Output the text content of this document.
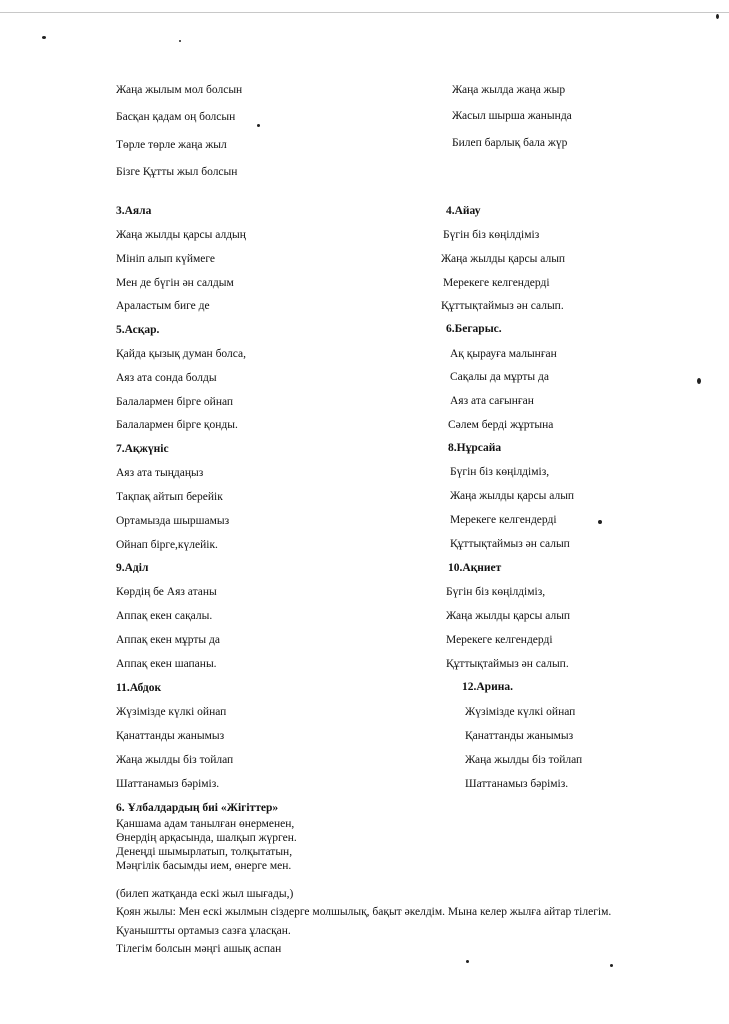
Жаңа жылым мол болсын
Басқан қадам оң болсын
Төрле төрле жаңа жыл
Бізге Құтты жыл болсын
Жаңа жылда жаңа жыр
Жасыл шырша жанында
Билеп барлық бала жүр
3.Аяла
Жаңа жылды қарсы алдың
Мініп алып күймеге
Мен де бүгін ән салдым
Араластым биге де
4.Айау
Бүгін біз көңілдіміз
Жаңа жылды қарсы алып
Мерекеге келгендерді
Құттықтаймыз ән салып.
5.Асқар.
Қайда қызық думан болса,
Аяз ата сонда болды
Балалармен бірге ойнап
Балалармен бірге қонды.
6.Бегарыс.
Ақ қырауға малынған
Сақалы да мұрты да
Аяз ата сағынған
Сәлем берді жұртына
7.Ақжүніс
Аяз ата тыңдаңыз
Тақпақ айтып берейік
Ортамызда шыршамыз
Ойнап бірге,күлейік.
8.Нұрсайа
Бүгін біз көңілдіміз,
Жаңа жылды қарсы алып
Мерекеге келгендерді
Құттықтаймыз ән салып
9.Аділ
Көрдің бе Аяз атаны
Аппақ екен сақалы.
Аппақ екен мұрты да
Аппақ екен шапаны.
10.Ақниет
Бүгін біз көңілдіміз,
Жаңа жылды қарсы алып
Мерекеге келгендерді
Құттықтаймыз ән салып.
11.Абдок
Жүзімізде күлкі ойнап
Қанаттанды жанымыз
Жаңа жылды біз тойлап
Шаттанамыз бәріміз.
12.Арина.
Жүзімізде күлкі ойнап
Қанаттанды жанымыз
Жаңа жылды біз тойлап
Шаттанамыз бәріміз.
6. Ұлбалдардың биі «Жігіттер»
Қаншама адам танылған өнерменен,
Өнердің арқасында, шалқып жүрген.
Денеңді шымырлатып, толқытатын,
Мәңгілік басымды ием, өнерге мен.
(билеп жатқанда ескі жыл шығады,)
Қоян жылы: Мен ескі жылмын сіздерге молшылық, бақыт әкелдім. Мына келер жылға айтар тілегім.
Қуаныштты ортамыз сазға ұласқан.
Тілегім болсын мәңгі ашық аспан
